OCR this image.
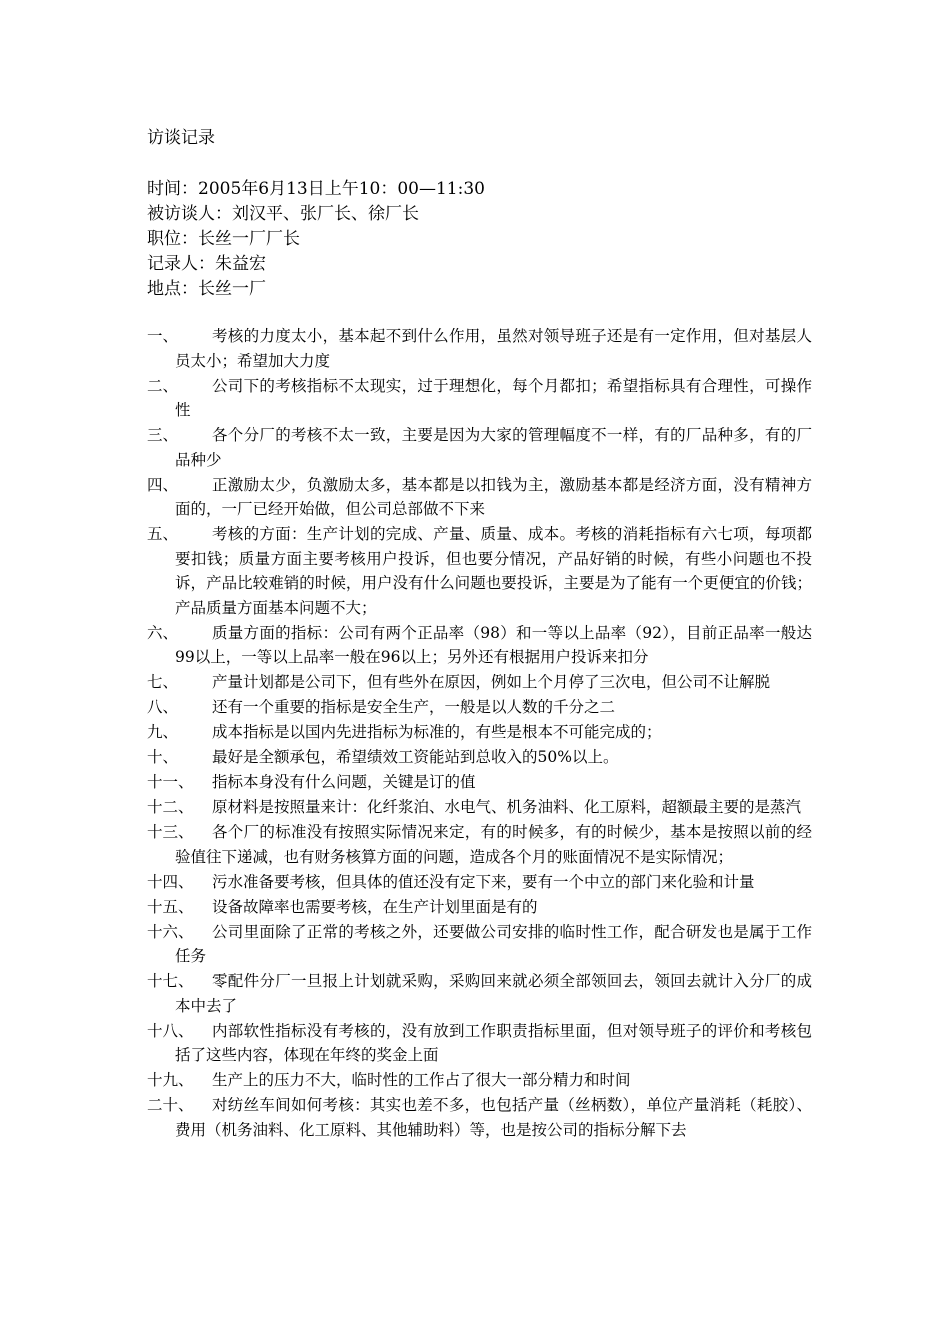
访谈记录
时间：2005年6月13日上午10：00—11:30
被访谈人：刘汉平、张厂长、徐厂长
职位：长丝一厂厂长
记录人：朱益宏
地点：长丝一厂
一、	考核的力度太小，基本起不到什么作用，虽然对领导班子还是有一定作用，但对基层人员太小；希望加大力度
二、	公司下的考核指标不太现实，过于理想化，每个月都扣；希望指标具有合理性，可操作性
三、	各个分厂的考核不太一致，主要是因为大家的管理幅度不一样，有的厂品种多，有的厂品种少
四、	正激励太少，负激励太多，基本都是以扣钱为主，激励基本都是经济方面，没有精神方面的，一厂已经开始做，但公司总部做不下来
五、	考核的方面：生产计划的完成、产量、质量、成本。考核的消耗指标有六七项，每项都要扣钱；质量方面主要考核用户投诉，但也要分情况，产品好销的时候，有些小问题也不投诉，产品比较难销的时候，用户没有什么问题也要投诉，主要是为了能有一个更便宜的价钱；产品质量方面基本问题不大；
六、	质量方面的指标：公司有两个正品率（98）和一等以上品率（92），目前正品率一般达99以上，一等以上品率一般在96以上；另外还有根据用户投诉来扣分
七、	产量计划都是公司下，但有些外在原因，例如上个月停了三次电，但公司不让解脱
八、	还有一个重要的指标是安全生产，一般是以人数的千分之二
九、	成本指标是以国内先进指标为标准的，有些是根本不可能完成的；
十、	最好是全额承包，希望绩效工资能站到总收入的50%以上。
十一、	指标本身没有什么问题，关键是订的值
十二、	原材料是按照量来计：化纤浆泊、水电气、机务油料、化工原料，超额最主要的是蒸汽
十三、	各个厂的标准没有按照实际情况来定，有的时候多，有的时候少，基本是按照以前的经验值往下递减，也有财务核算方面的问题，造成各个月的账面情况不是实际情况；
十四、	污水准备要考核，但具体的值还没有定下来，要有一个中立的部门来化验和计量
十五、	设备故障率也需要考核，在生产计划里面是有的
十六、	公司里面除了正常的考核之外，还要做公司安排的临时性工作，配合研发也是属于工作任务
十七、	零配件分厂一旦报上计划就采购，采购回来就必须全部领回去，领回去就计入分厂的成本中去了
十八、	内部软性指标没有考核的，没有放到工作职责指标里面，但对领导班子的评价和考核包括了这些内容，体现在年终的奖金上面
十九、	生产上的压力不大，临时性的工作占了很大一部分精力和时间
二十、	对纺丝车间如何考核：其实也差不多，也包括产量（丝柄数），单位产量消耗（耗胶）、费用（机务油料、化工原料、其他辅助料）等，也是按公司的指标分解下去
